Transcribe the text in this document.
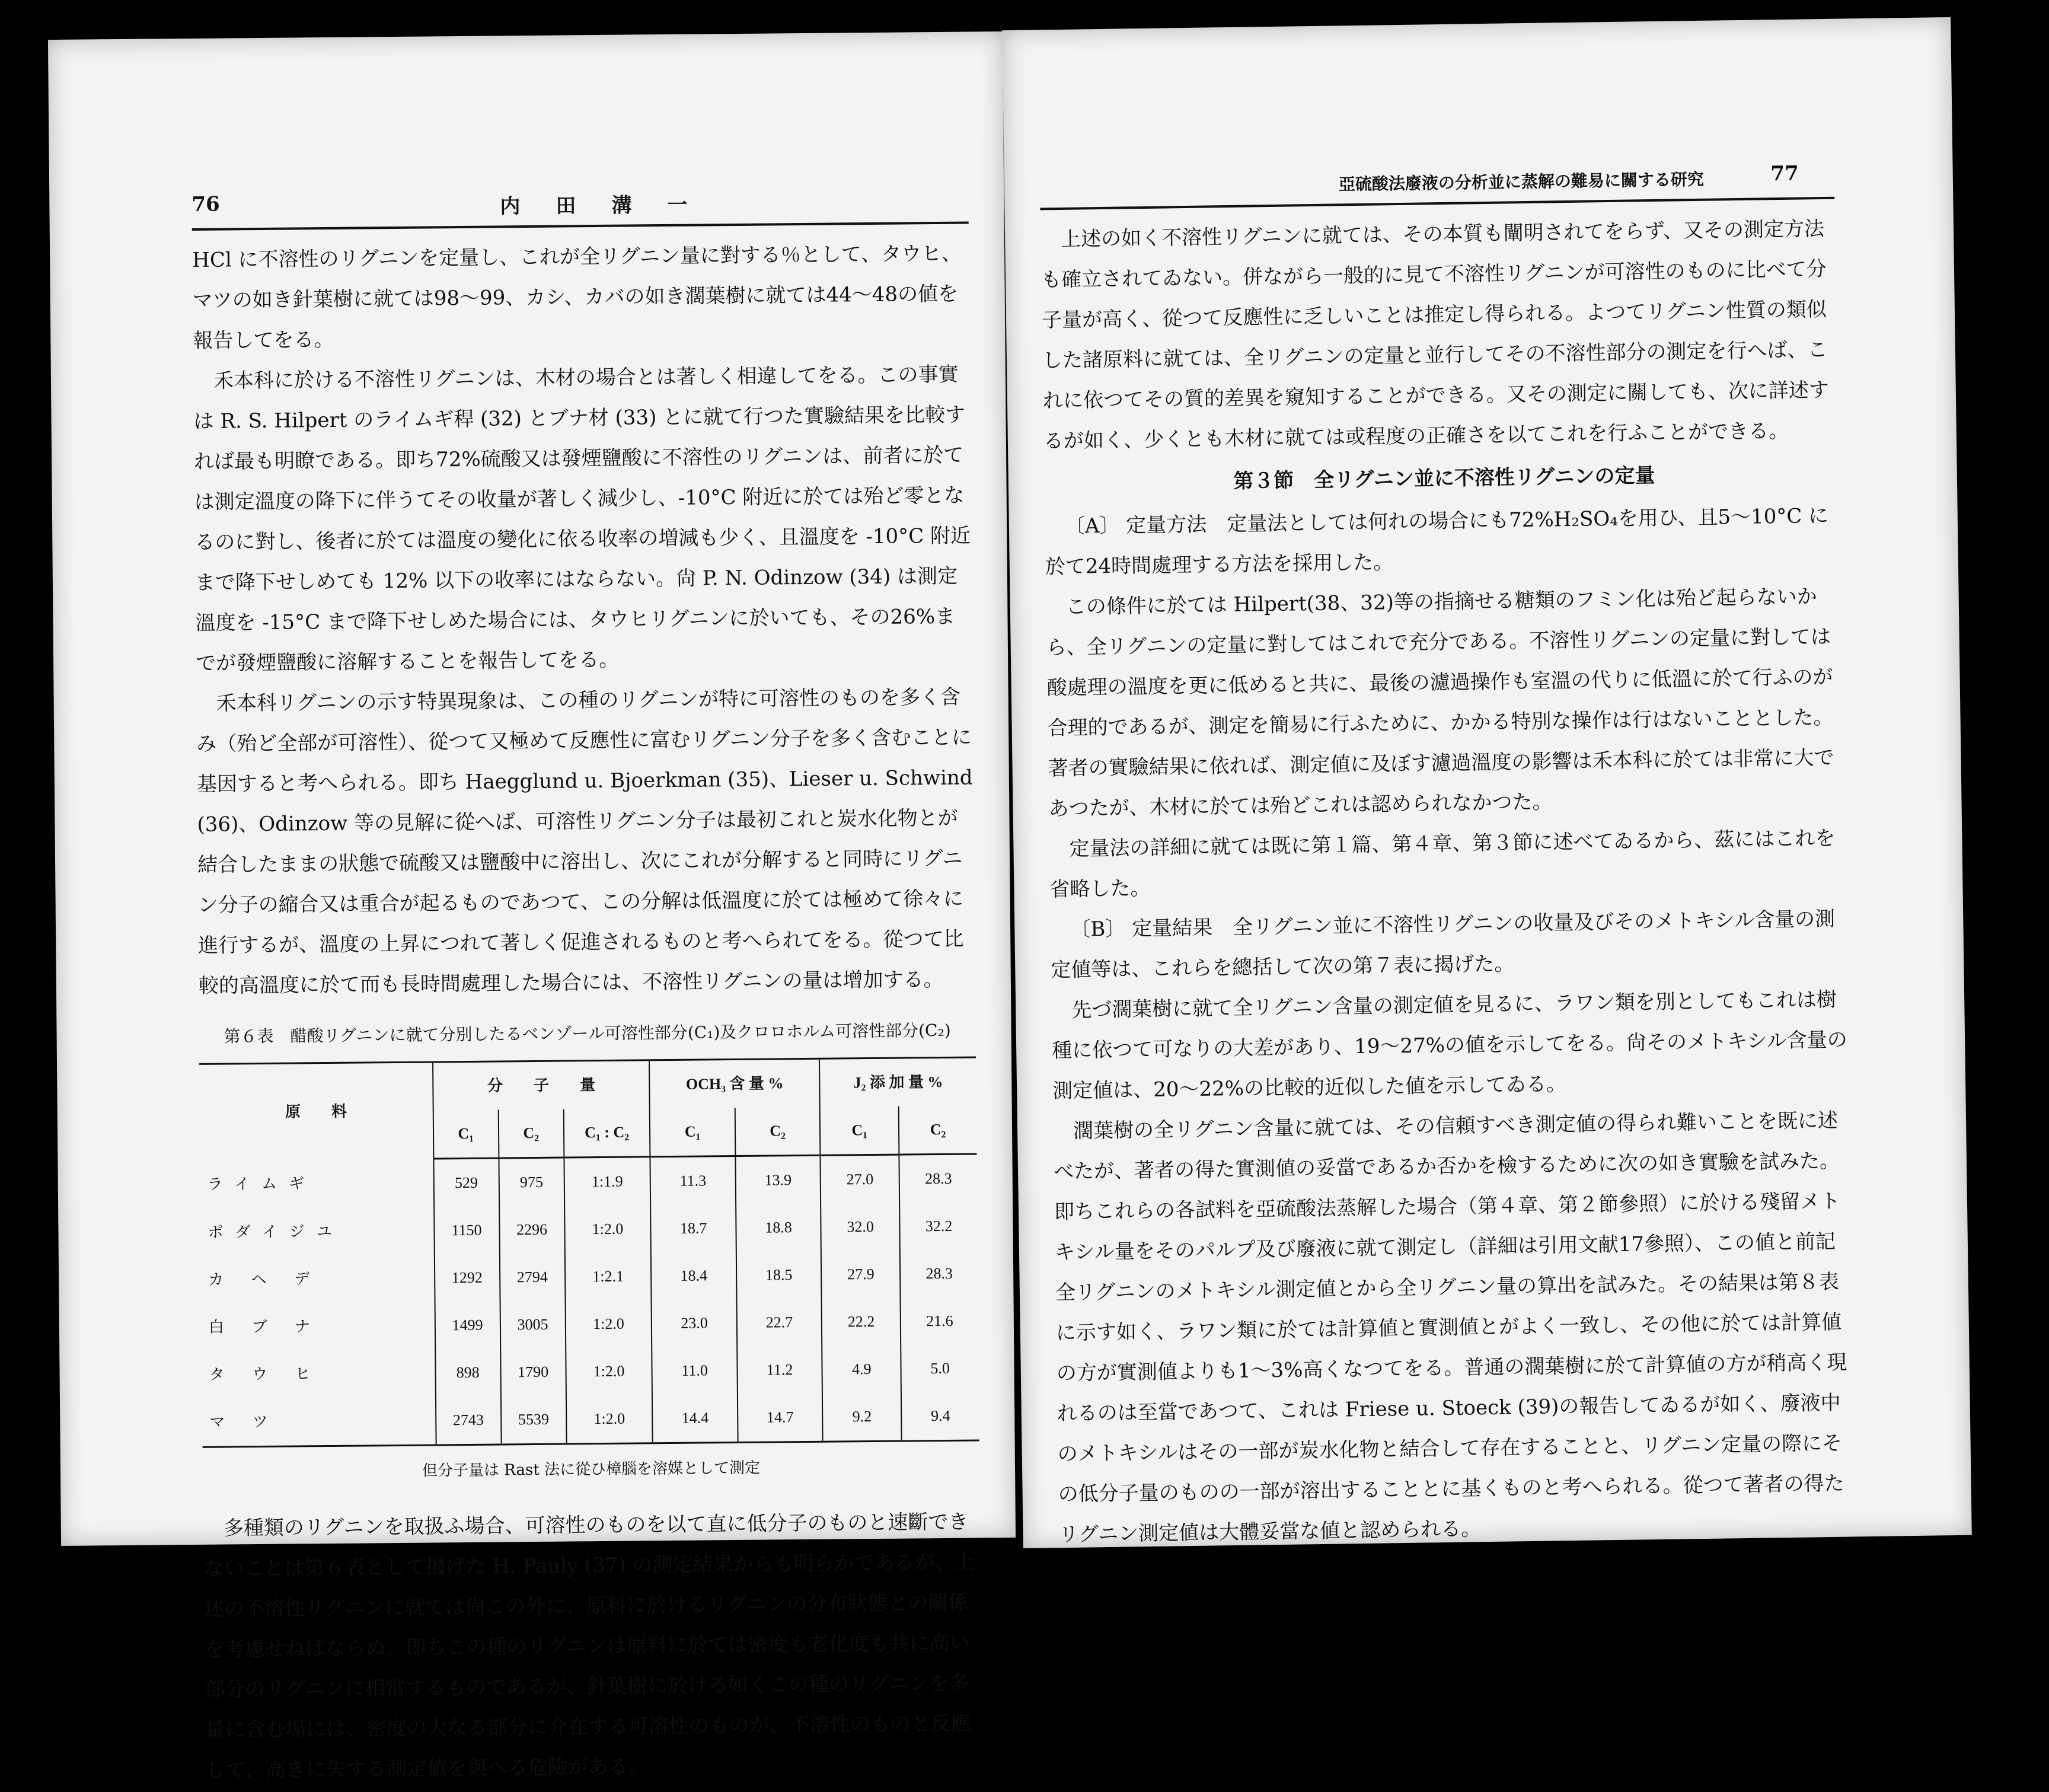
76	内田溝一

HCl に不溶性のリグニンを定量し、これが全リグニン量に對する％として、タウヒ、マツの如き針葉樹に就ては98～99、カシ、カバの如き濶葉樹に就ては44～48の値を報告してをる。

禾本科に於ける不溶性リグニンは、木材の場合とは著しく相違してをる。この事實は R. S. Hilpert のライムギ稈 (32) とブナ材 (33) とに就て行つた實驗結果を比較すれば最も明瞭である。即ち72%硫酸又は發煙鹽酸に不溶性のリグニンは、前者に於ては測定溫度の降下に伴うてその收量が著しく減少し、-10°C 附近に於ては殆ど零となるのに對し、後者に於ては溫度の變化に依る收率の増減も少く、且溫度を -10°C 附近まで降下せしめても 12% 以下の收率にはならない。尙 P. N. Odinzow (34) は測定溫度を -15°C まで降下せしめた場合には、タウヒリグニンに於いても、その26%までが發煙鹽酸に溶解することを報告してをる。

禾本科リグニンの示す特異現象は、この種のリグニンが特に可溶性のものを多く含み（殆ど全部が可溶性）、從つて又極めて反應性に富むリグニン分子を多く含むことに基因すると考へられる。即ち Haegglund u. Bjoerkman (35)、Lieser u. Schwind (36)、Odinzow 等の見解に從へば、可溶性リグニン分子は最初これと炭水化物とが結合したままの狀態で硫酸又は鹽酸中に溶出し、次にこれが分解すると同時にリグニン分子の縮合又は重合が起るものであつて、この分解は低溫度に於ては極めて徐々に進行するが、溫度の上昇につれて著しく促進されるものと考へられてをる。從つて比較的高溫度に於て而も長時間處理した場合には、不溶性リグニンの量は增加する。

第６表　醋酸リグニンに就て分別したるベンゾール可溶性部分(C₁)及クロロホルム可溶性部分(C₂)
原　　料	分　　子　　量			OCH₃ 含 量 %		J₂ 添 加 量 %	
	C₁	C₂	C₁ : C₂	C₁	C₂	C₁	C₂
ライムギ	529	975	1:1.9	11.3	13.9	27.0	28.3
ポダイジユ	1150	2296	1:2.0	18.7	18.8	32.0	32.2
カ ヘ デ	1292	2794	1:2.1	18.4	18.5	27.9	28.3
白 ブ ナ	1499	3005	1:2.0	23.0	22.7	22.2	21.6
タ ウ ヒ	898	1790	1:2.0	11.0	11.2	4.9	5.0
マ ツ	2743	5539	1:2.0	14.4	14.7	9.2	9.4
但分子量は Rast 法に從ひ樟腦を溶媒として測定

多種類のリグニンを取扱ふ場合、可溶性のものを以て直に低分子のものと速斷できないことは第６表として揭げた H. Pauly (37) の測定結果からも明らかであるが、上述の不溶性リグニンに就ては尙この外に、原料に於けるリグニンの分布狀態との關係を考慮せねばならぬ。即ちこの種のリグニンは原料に於ては密度も老化度も共に高い部分のリグニンに相當するものであるが、針葉樹に於ける如くこの種のリグニンを多量に含む場には、密度の大なる部分に介在する可溶性のものが、不溶性のものと反應して、高きに失する測定値を與へる危險がある。

亞硫酸法廢液の分析並に蒸解の難易に關する研究	77

上述の如く不溶性リグニンに就ては、その本質も闡明されてをらず、又その測定方法も確立されてゐない。併ながら一般的に見て不溶性リグニンが可溶性のものに比べて分子量が高く、從つて反應性に乏しいことは推定し得られる。よつてリグニン性質の類似した諸原料に就ては、全リグニンの定量と並行してその不溶性部分の測定を行へば、これに依つてその質的差異を窺知することができる。又その測定に關しても、次に詳述するが如く、少くとも木材に就ては或程度の正確さを以てこれを行ふことができる。

第３節　全リグニン並に不溶性リグニンの定量

〔A〕 定量方法　定量法としては何れの場合にも72%H₂SO₄を用ひ、且5～10°C に於て24時間處理する方法を採用した。

この條件に於ては Hilpert(38、32)等の指摘せる糖類のフミン化は殆ど起らないから、全リグニンの定量に對してはこれで充分である。不溶性リグニンの定量に對しては酸處理の溫度を更に低めると共に、最後の濾過操作も室溫の代りに低溫に於て行ふのが合理的であるが、測定を簡易に行ふために、かかる特別な操作は行はないこととした。著者の實驗結果に依れば、測定値に及ぼす濾過溫度の影響は禾本科に於ては非常に大であつたが、木材に於ては殆どこれは認められなかつた。

定量法の詳細に就ては既に第１篇、第４章、第３節に述べてゐるから、茲にはこれを省略した。

〔B〕 定量結果　全リグニン並に不溶性リグニンの收量及びそのメトキシル含量の測定値等は、これらを總括して次の第７表に揭げた。

先づ濶葉樹に就て全リグニン含量の測定値を見るに、ラワン類を別としてもこれは樹種に依つて可なりの大差があり、19～27%の値を示してをる。尙そのメトキシル含量の測定値は、20～22%の比較的近似した値を示してゐる。

濶葉樹の全リグニン含量に就ては、その信頼すべき測定値の得られ難いことを既に述べたが、著者の得た實測値の妥當であるか否かを檢するために次の如き實驗を試みた。即ちこれらの各試料を亞硫酸法蒸解した場合（第４章、第２節參照）に於ける殘留メトキシル量をそのパルプ及び廢液に就て測定し（詳細は引用文献17參照）、この値と前記全リグニンのメトキシル測定値とから全リグニン量の算出を試みた。その結果は第８表に示す如く、ラワン類に於ては計算値と實測値とがよく一致し、その他に於ては計算値の方が實測値よりも1～3%高くなつてをる。普通の濶葉樹に於て計算値の方が稍高く現れるのは至當であつて、これは Friese u. Stoeck (39)の報告してゐるが如く、廢液中のメトキシルはその一部が炭水化物と結合して存在することと、リグニン定量の際にその低分子量のものの一部が溶出することとに基くものと考へられる。從つて著者の得たリグニン測定値は大體妥當な値と認められる。
